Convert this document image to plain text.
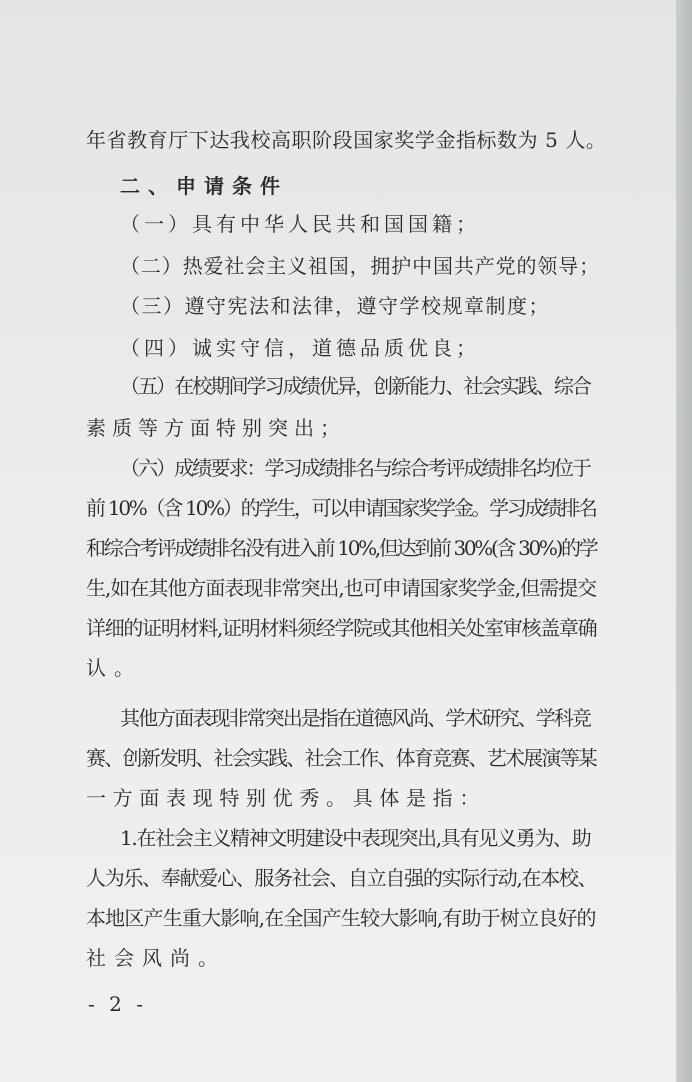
年省教育厅下达我校高职阶段国家奖学金指标数为 5 人。
二、申请条件
（一）具有中华人民共和国国籍；
（二）热爱社会主义祖国，拥护中国共产党的领导；
（三）遵守宪法和法律，遵守学校规章制度；
（四）诚实守信，道德品质优良；
（五）在校期间学习成绩优异，创新能力、社会实践、综合
素质等方面特别突出；
（六）成绩要求：学习成绩排名与综合考评成绩排名均位于
前 10%（含 10%）的学生，可以申请国家奖学金。学习成绩排名
和综合考评成绩排名没有进入前 10%,但达到前 30%(含 30%)的学
生,如在其他方面表现非常突出,也可申请国家奖学金,但需提交
详细的证明材料,证明材料须经学院或其他相关处室审核盖章确
认。
其他方面表现非常突出是指在道德风尚、学术研究、学科竞
赛、创新发明、社会实践、社会工作、体育竞赛、艺术展演等某
一方面表现特别优秀。具体是指：
1.在社会主义精神文明建设中表现突出,具有见义勇为、助
人为乐、奉献爱心、服务社会、自立自强的实际行动,在本校、
本地区产生重大影响,在全国产生较大影响,有助于树立良好的
社会风尚。
- 2 -
